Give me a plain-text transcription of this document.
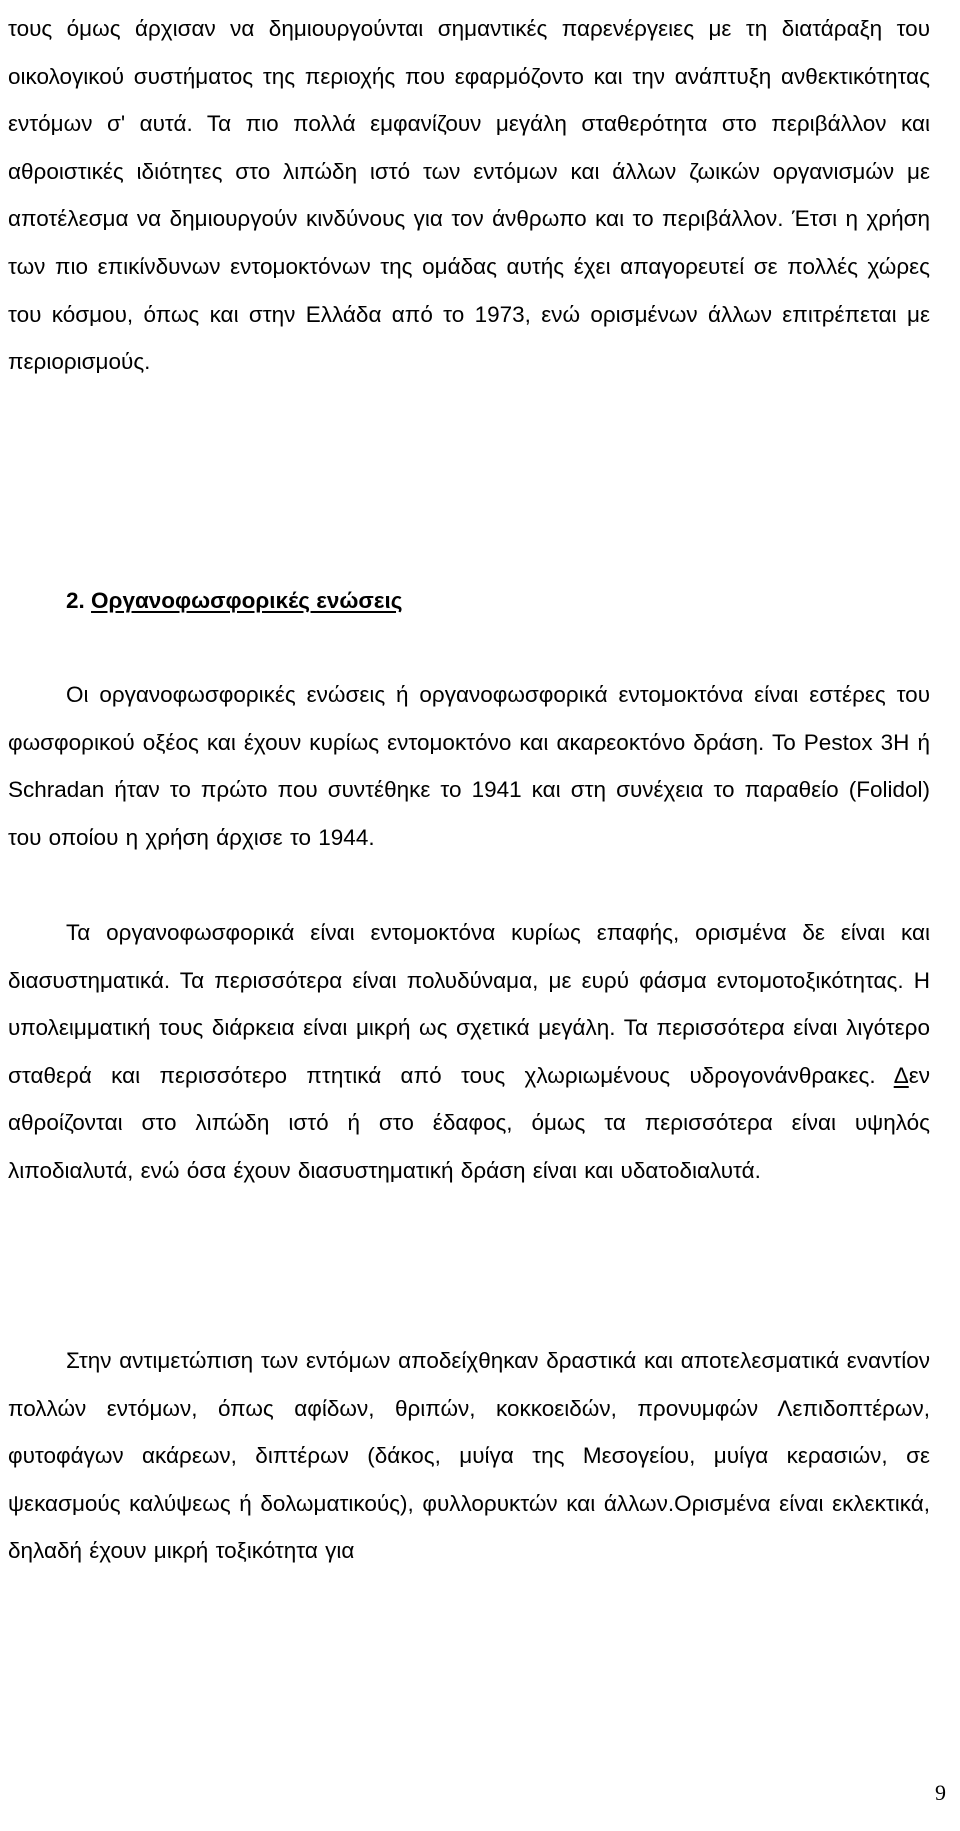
τους όμως άρχισαν να δημιουργούνται σημαντικές παρενέργειες με τη διατάραξη του οικολογικού συστήματος της περιοχής που εφαρμόζοντο και την ανάπτυξη ανθεκτικότητας εντόμων σ' αυτά. Τα πιο πολλά εμφανίζουν μεγάλη σταθερότητα στο περιβάλλον και αθροιστικές ιδιότητες στο λιπώδη ιστό των εντόμων και άλλων ζωικών οργανισμών με αποτέλεσμα να δημιουργούν κινδύνους για τον άνθρωπο και το περιβάλλον. Έτσι η χρήση των πιο επικίνδυνων εντομοκτόνων της ομάδας αυτής έχει απαγορευτεί σε πολλές χώρες του κόσμου, όπως και στην Ελλάδα από το 1973, ενώ ορισμένων άλλων επιτρέπεται με περιορισμούς.
2. Οργανοφωσφορικές ενώσεις
Οι οργανοφωσφορικές ενώσεις ή οργανοφωσφορικά εντομοκτόνα είναι εστέρες του φωσφορικού οξέος και έχουν κυρίως εντομοκτόνο και ακαρεοκτόνο δράση. Το Pestox 3H ή Schradan ήταν το πρώτο που συντέθηκε το 1941 και στη συνέχεια το παραθείο (Folidol) του οποίου η χρήση άρχισε το 1944.
Τα οργανοφωσφορικά είναι εντομοκτόνα κυρίως επαφής, ορισμένα δε είναι και διασυστηματικά. Τα περισσότερα είναι πολυδύναμα, με ευρύ φάσμα εντομοτοξικότητας. Η υπολειμματική τους διάρκεια είναι μικρή ως σχετικά μεγάλη. Τα περισσότερα είναι λιγότερο σταθερά και περισσότερο πτητικά από τους χλωριωμένους υδρογονάνθρακες. Δεν αθροίζονται στο λιπώδη ιστό ή στο έδαφος, όμως τα περισσότερα είναι υψηλός λιποδιαλυτά, ενώ όσα έχουν διασυστηματική δράση είναι και υδατοδιαλυτά.
Στην αντιμετώπιση των εντόμων αποδείχθηκαν δραστικά και αποτελεσματικά εναντίον πολλών εντόμων, όπως αφίδων, θριπών, κοκκοειδών, προνυμφών Λεπιδοπτέρων, φυτοφάγων ακάρεων, διπτέρων (δάκος, μυίγα της Μεσογείου, μυίγα κερασιών, σε ψεκασμούς καλύψεως ή δολωματικούς), φυλλορυκτών και άλλων.Ορισμένα είναι εκλεκτικά, δηλαδή έχουν μικρή τοξικότητα για
9
